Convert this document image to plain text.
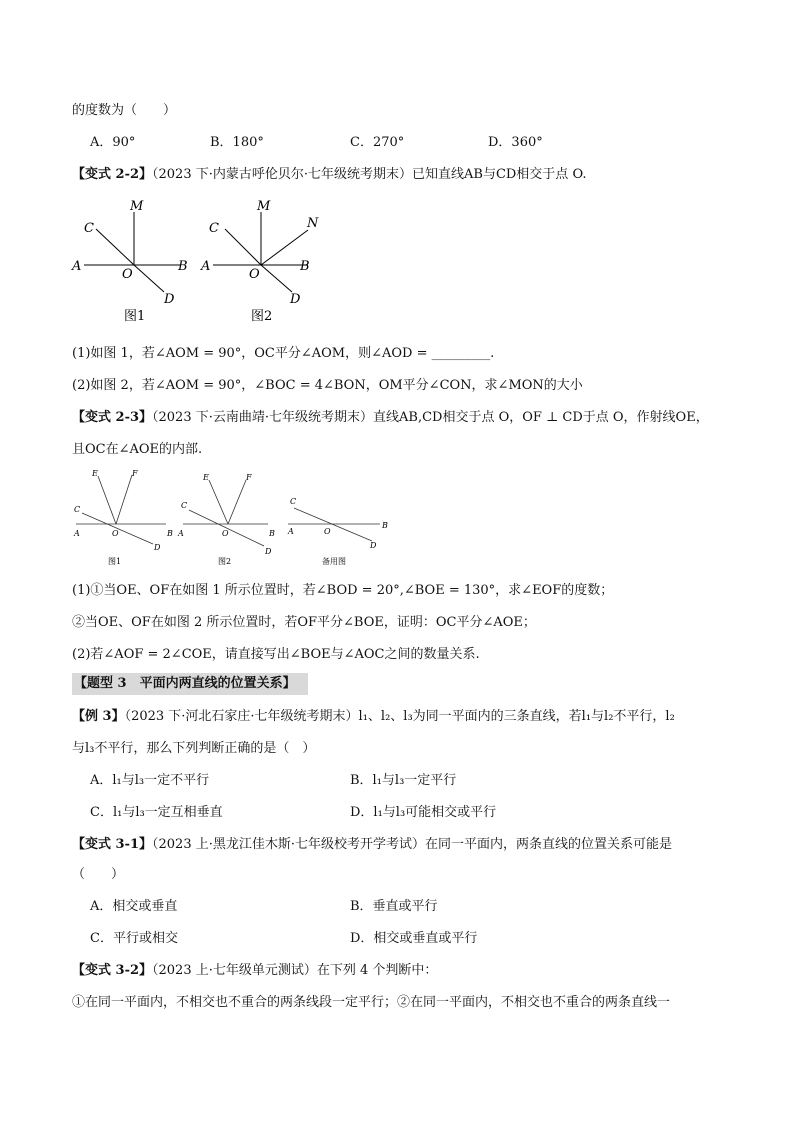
的度数为（　　）
A．90°	B．180°	C．270°	D．360°
【变式 2-2】（2023 下·内蒙古呼伦贝尔·七年级统考期末）已知直线AB与CD相交于点 O.
C
M
A
O
B
D
图1
C
M
N
A
O
D
图2
B
(1)如图 1，若∠AOM = 90°，OC平分∠AOM，则∠AOD = _________.
(2)如图 2，若∠AOM = 90°，∠BOC = 4∠BON，OM平分∠CON，求∠MON的大小
【变式 2-3】（2023 下·云南曲靖·七年级统考期末）直线AB,CD相交于点 O，OF ⊥ CD于点 O，作射线OE，
且OC在∠AOE的内部.
E	F
C
A	O	B
D
图1
E	F
C
A	O	B
D
图2
C
A	O
B
D
备用图
(1)①当OE、OF在如图 1 所示位置时，若∠BOD = 20°,∠BOE = 130°，求∠EOF的度数；
②当OE、OF在如图 2 所示位置时，若OF平分∠BOE，证明：OC平分∠AOE；
(2)若∠AOF = 2∠COE，请直接写出∠BOE与∠AOC之间的数量关系.
【题型 3　平面内两直线的位置关系】
【例 3】（2023 下·河北石家庄·七年级统考期末）l₁、l₂、l₃为同一平面内的三条直线，若l₁与l₂不平行，l₂
与l₃不平行，那么下列判断正确的是（　）
A．l₁与l₃一定不平行	B．l₁与l₃一定平行
C．l₁与l₃一定互相垂直	D．l₁与l₃可能相交或平行
【变式 3-1】（2023 上·黑龙江佳木斯·七年级校考开学考试）在同一平面内，两条直线的位置关系可能是
（　　）
A．相交或垂直	B．垂直或平行
C．平行或相交	D．相交或垂直或平行
【变式 3-2】（2023 上·七年级单元测试）在下列 4 个判断中：
①在同一平面内，不相交也不重合的两条线段一定平行；②在同一平面内，不相交也不重合的两条直线一
